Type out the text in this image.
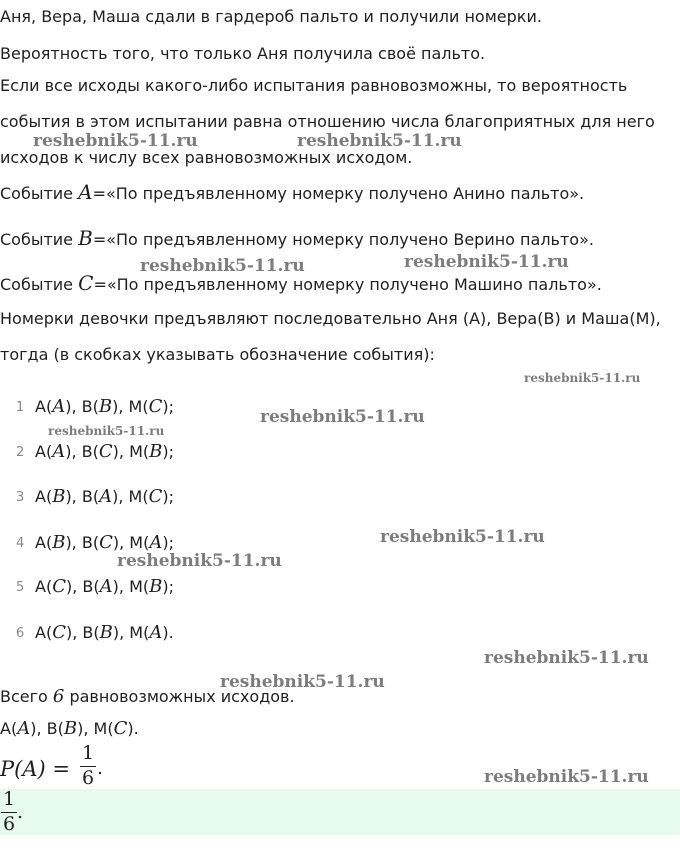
Аня, Вера, Маша сдали в гардероб пальто и получили номерки.
Вероятность того, что только Аня получила своё пальто.
Если все исходы какого-либо испытания равновозможны, то вероятность
события в этом испытании равна отношению числа благоприятных для него
исходов к числу всех равновозможных исходом.
Событие A=«По предъявленному номерку получено Анино пальто».
Событие B=«По предъявленному номерку получено Верино пальто».
Событие C=«По предъявленному номерку получено Машино пальто».
Номерки девочки предъявляют последовательно Аня (А), Вера(В) и Маша(М),
тогда (в скобках указывать обозначение события):
1 А(A), В(B), М(C);
2 А(A), В(C), М(B);
3 А(B), В(A), М(C);
4 А(B), В(C), М(A);
5 А(C), В(A), М(B);
6 А(C), В(B), М(A).
Всего 6 равновозможных исходов.
А(A), В(B), М(C).
P(A) =
1
6 .
1
6
.
reshebnik5-11.ru	reshebnik5-11.ru
reshebnik5-11.ru	reshebnik5-11.ru
reshebnik5-11.ru
reshebnik5-11.ru
reshebnik5-11.ru
reshebnik5-11.ru
reshebnik5-11.ru
reshebnik5-11.ru
reshebnik5-11.ru
reshebnik5-11.ru
